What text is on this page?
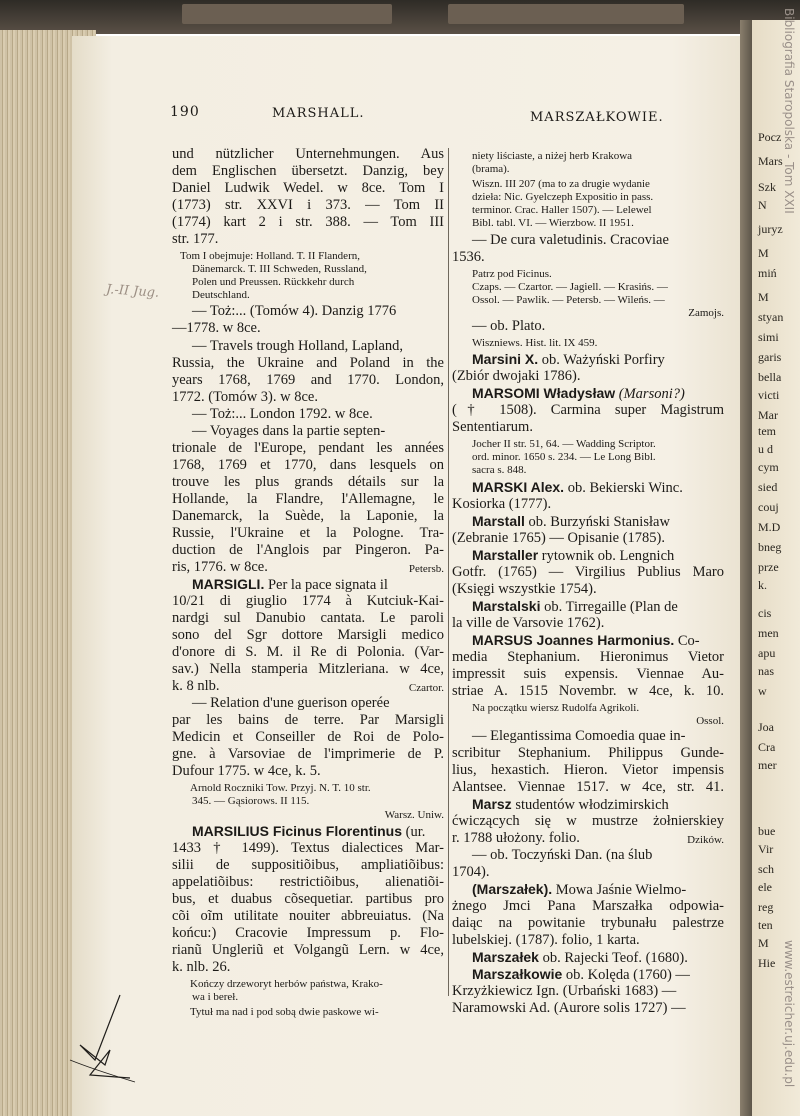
Bibliografia Staropolska - Tom XXII
www.estreicher.uj.edu.pl
190	MARSHALL.	MARSZAŁKOWIE.
J.-II Jug.
und nützlicher Unternehmungen. Aus
dem Englischen übersetzt. Danzig, bey
Daniel Ludwik Wedel. w 8ce. Tom I
(1773) str. XXVI i 373. — Tom II
(1774) kart 2 i str. 388. — Tom III
str. 177.
Tom I obejmuje: Holland. T. II Flandern,
Dänemarck. T. III Schweden, Russland,
Polen und Preussen. Rückkehr durch
Deutschland.
— Toż:... (Tomów 4). Danzig 1776
—1778. w 8ce.
— Travels trough Holland, Lapland,
Russia, the Ukraine and Poland in the
years 1768, 1769 and 1770. London,
1772. (Tomów 3). w 8ce.
— Toż:... London 1792. w 8ce.
— Voyages dans la partie septen-
trionale de l'Europe, pendant les années
1768, 1769 et 1770, dans lesquels on
trouve les plus grands détails sur la
Hollande, la Flandre, l'Allemagne, le
Danemarck, la Suède, la Laponie, la
Russie, l'Ukraine et la Pologne. Tra-
duction de l'Anglois par Pingeron. Pa-
ris, 1776. w 8ce.	Petersb.
MARSIGLI. Per la pace signata il
10/21 di giuglio 1774 à Kutciuk-Kai-
nardgi sul Danubio cantata. Le paroli
sono del Sgr dottore Marsigli medico
d'onore di S. M. il Re di Polonia. (Var-
sav.) Nella stamperia Mitzleriana. w 4ce,
k. 8 nlb.	Czartor.
— Relation d'une guerison operée
par les bains de terre. Par Marsigli
Medicin et Conseiller de Roi de Polo-
gne. à Varsoviae de l'imprimerie de P.
Dufour 1775. w 4ce, k. 5.
Arnold Roczniki Tow. Przyj. N. T. 10 str.
345. — Gąsiorows. II 115.
Warsz. Uniw.
MARSILIUS Ficinus Florentinus (ur.
1433 † 1499). Textus dialectices Mar-
silii de suppositiõibus, ampliatiõibus:
appelatiõibus: restrictiõibus, alienatiõi-
bus, et duabus cõsequetiar. partibus pro
cõi oĩm utilitate nouiter abbreuiatus. (Na
końcu:) Cracovie Impressum p. Flo-
rianũ Ungleriũ et Volgangũ Lern. w 4ce,
k. nlb. 26.
Kończy drzeworyt herbów państwa, Krako-
wa i bereł.
Tytuł ma nad i pod sobą dwie paskowe wi-
niety liściaste, a niżej herb Krakowa
(brama).
Wiszn. III 207 (ma to za drugie wydanie
dzieła: Nic. Gyelczeph Expositio in pass.
terminor. Crac. Haller 1507). — Lelewel
Bibl. tabl. VI. — Wierzbow. II 1951.
— De cura valetudinis. Cracoviae
1536.
Patrz pod Ficinus.
Czaps. — Czartor. — Jagiell. — Krasińs. —
Ossol. — Pawlik. — Petersb. — Wileńs. —
Zamojs.
— ob. Plato.
Wiszniews. Hist. lit. IX 459.
Marsini X. ob. Ważyński Porfiry
(Zbiór dwojaki 1786).
MARSOMI Władysław (Marsoni?)
(† 1508). Carmina super Magistrum
Sententiarum.
Jocher II str. 51, 64. — Wadding Scriptor.
ord. minor. 1650 s. 234. — Le Long Bibl.
sacra s. 848.
MARSKI Alex. ob. Bekierski Winc.
Kosiorka (1777).
Marstall ob. Burzyński Stanisław
(Zebranie 1765) — Opisanie (1785).
Marstaller rytownik ob. Lengnich
Gotfr. (1765) — Virgilius Publius Maro
(Księgi wszystkie 1754).
Marstalski ob. Tirregaille (Plan de
la ville de Varsovie 1762).
MARSUS Joannes Harmonius. Co-
media Stephanium. Hieronimus Vietor
impressit suis expensis. Viennae Au-
striae A. 1515 Novembr. w 4ce, k. 10.
Na początku wiersz Rudolfa Agrikoli.
Ossol.
— Elegantissima Comoedia quae in-
scribitur Stephanium. Philippus Gunde-
lius, hexastich. Hieron. Vietor impensis
Alantsee. Viennae 1517. w 4ce, str. 41.
Marsz studentów włodzimirskich
ćwiczących się w mustrze żołnierskiey
r. 1788 ułożony. folio.	Dzików.
— ob. Toczyński Dan. (na ślub
1704).
(Marszałek). Mowa Jaśnie Wielmo-
żnego Jmci Pana Marszałka odpowia-
daiąc na powitanie trybunału palestrze
lubelskiej. (1787). folio, 1 karta.
Marszałek ob. Rajecki Teof. (1680).
Marszałkowie ob. Kolęda (1760) —
Krzyżkiewicz Ign. (Urbański 1683) —
Naramowski Ad. (Aurore solis 1727) —
Pocz
Mars
Szk
N
juryz
M
miń
M
styan
simi
garis
bella
victi
Mar
tem
u d
cym
sied
couj
M.D
bneg
prze
k.
cis
men
apu
nas
w
Joa
Cra
mer
bue
Vir
sch
ele
reg
ten
M
Hie
